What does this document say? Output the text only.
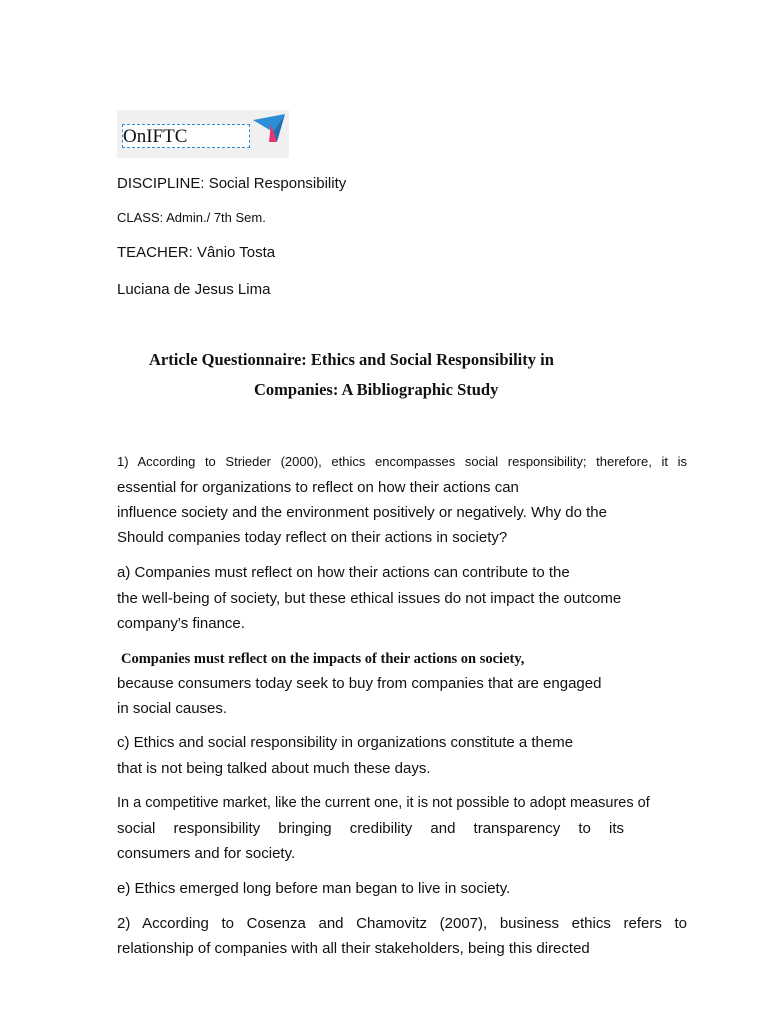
OnIFTC
DISCIPLINE: Social Responsibility
CLASS: Admin./ 7th Sem.
TEACHER: Vânio Tosta
Luciana de Jesus Lima
Article Questionnaire: Ethics and Social Responsibility in
Companies: A Bibliographic Study
1) According to Strieder (2000), ethics encompasses social responsibility; therefore, it is
essential for organizations to reflect on how their actions can
influence society and the environment positively or negatively. Why do the
Should companies today reflect on their actions in society?
a) Companies must reflect on how their actions can contribute to the
the well-being of society, but these ethical issues do not impact the outcome
company's finance.
Companies must reflect on the impacts of their actions on society,
because consumers today seek to buy from companies that are engaged
in social causes.
c) Ethics and social responsibility in organizations constitute a theme
that is not being talked about much these days.
In a competitive market, like the current one, it is not possible to adopt measures of
social responsibility bringing credibility and transparency to its
consumers and for society.
e) Ethics emerged long before man began to live in society.
2) According to Cosenza and Chamovitz (2007), business ethics refers to
relationship of companies with all their stakeholders, being this directed
